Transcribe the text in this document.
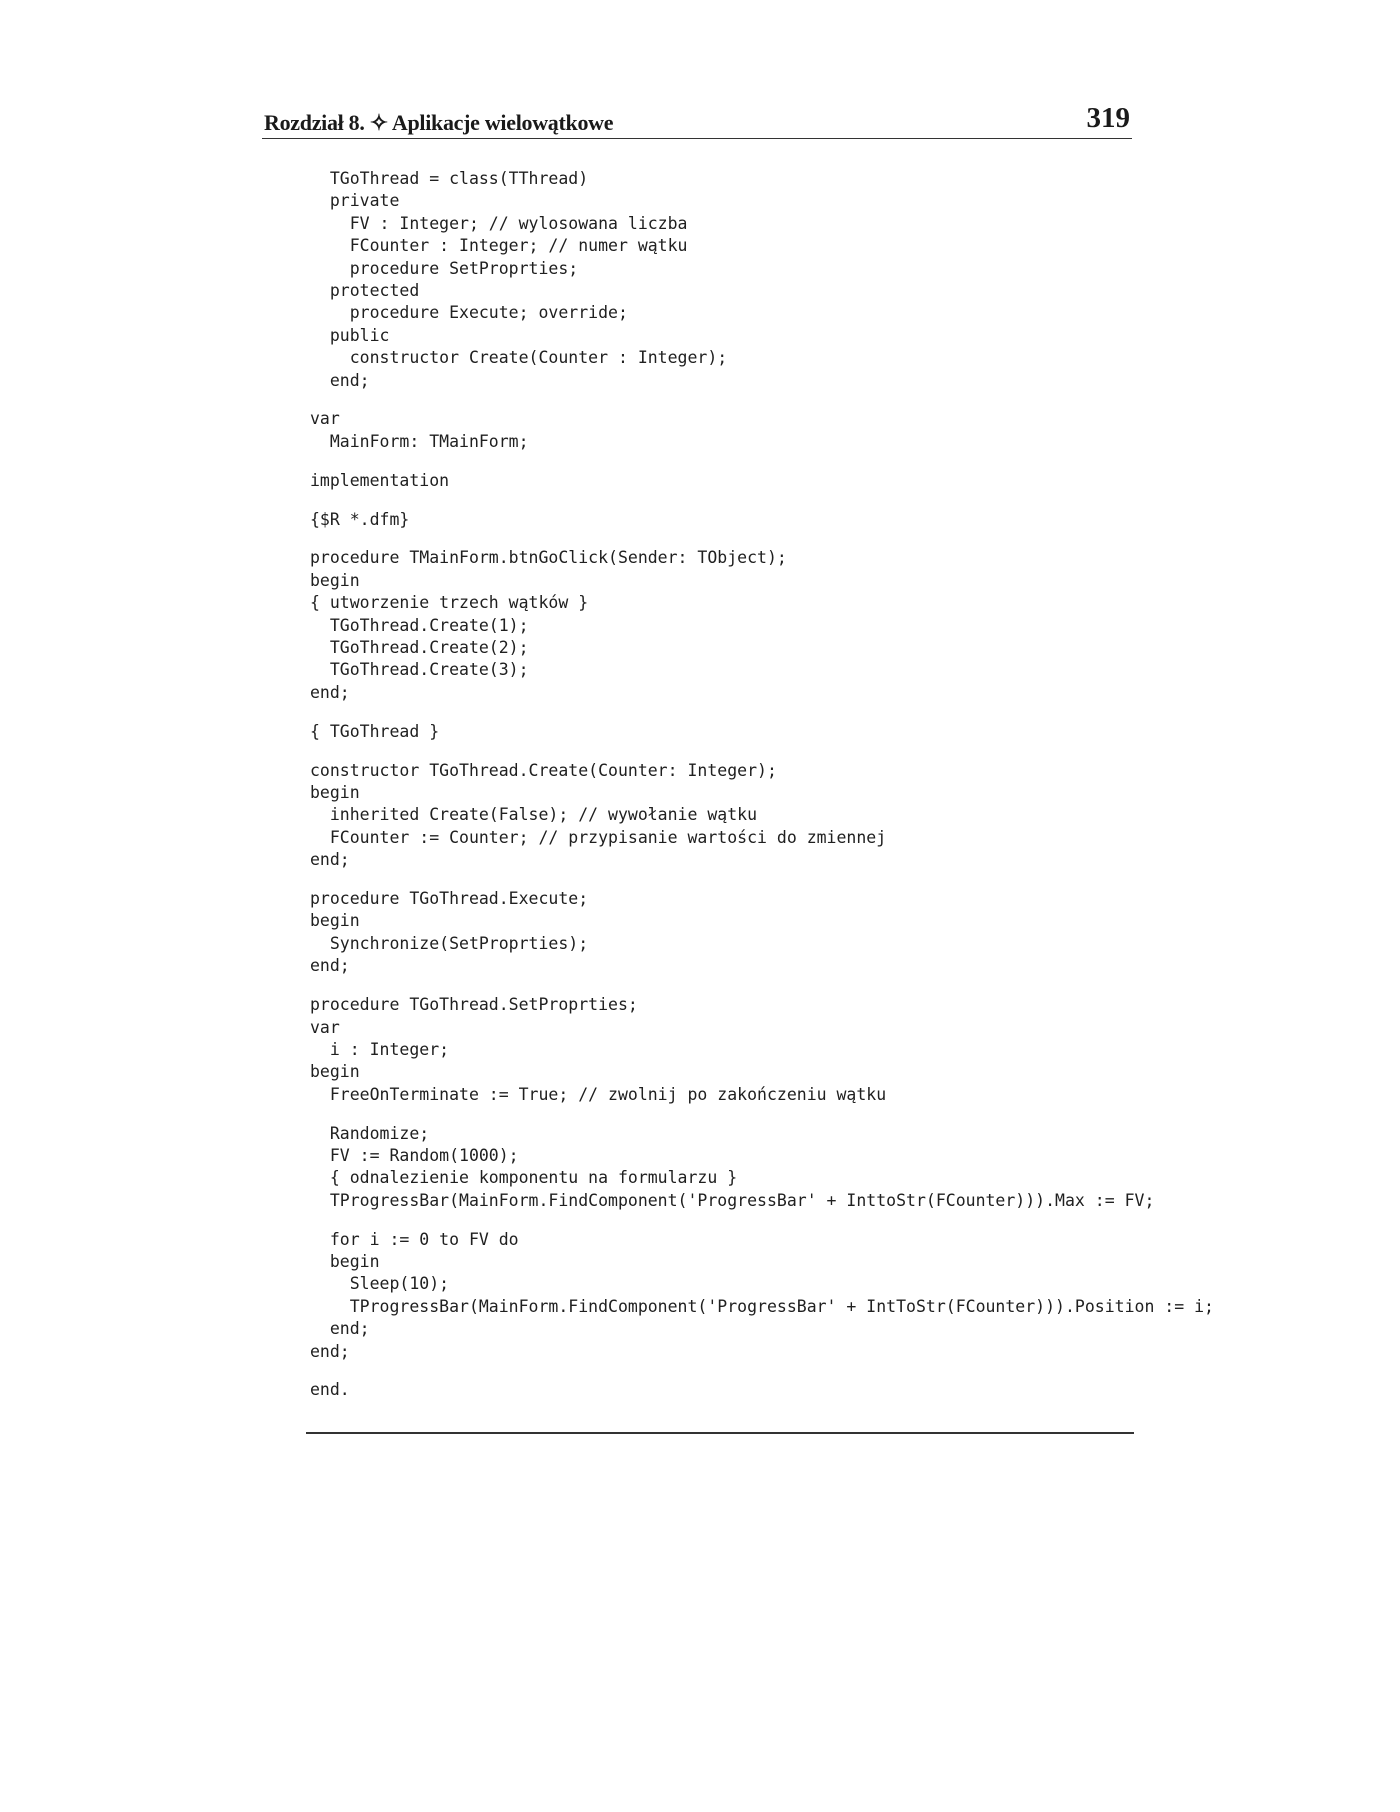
Rozdział 8. ✧ Aplikacje wielowątkowe	319
TGoThread = class(TThread)
private
FV : Integer; // wylosowana liczba
FCounter : Integer; // numer wątku
procedure SetProprties;
protected
procedure Execute; override;
public
constructor Create(Counter : Integer);
end;
var
MainForm: TMainForm;
implementation
{$R *.dfm}
procedure TMainForm.btnGoClick(Sender: TObject);
begin
{ utworzenie trzech wątków }
TGoThread.Create(1);
TGoThread.Create(2);
TGoThread.Create(3);
end;
{ TGoThread }
constructor TGoThread.Create(Counter: Integer);
begin
inherited Create(False); // wywołanie wątku
FCounter := Counter; // przypisanie wartości do zmiennej
end;
procedure TGoThread.Execute;
begin
Synchronize(SetProprties);
end;
procedure TGoThread.SetProprties;
var
i : Integer;
begin
FreeOnTerminate := True; // zwolnij po zakończeniu wątku
Randomize;
FV := Random(1000);
{ odnalezienie komponentu na formularzu }
TProgressBar(MainForm.FindComponent('ProgressBar' + InttoStr(FCounter))).Max := FV;
for i := 0 to FV do
begin
Sleep(10);
TProgressBar(MainForm.FindComponent('ProgressBar' + IntToStr(FCounter))).Position := i;
end;
end;
end.
